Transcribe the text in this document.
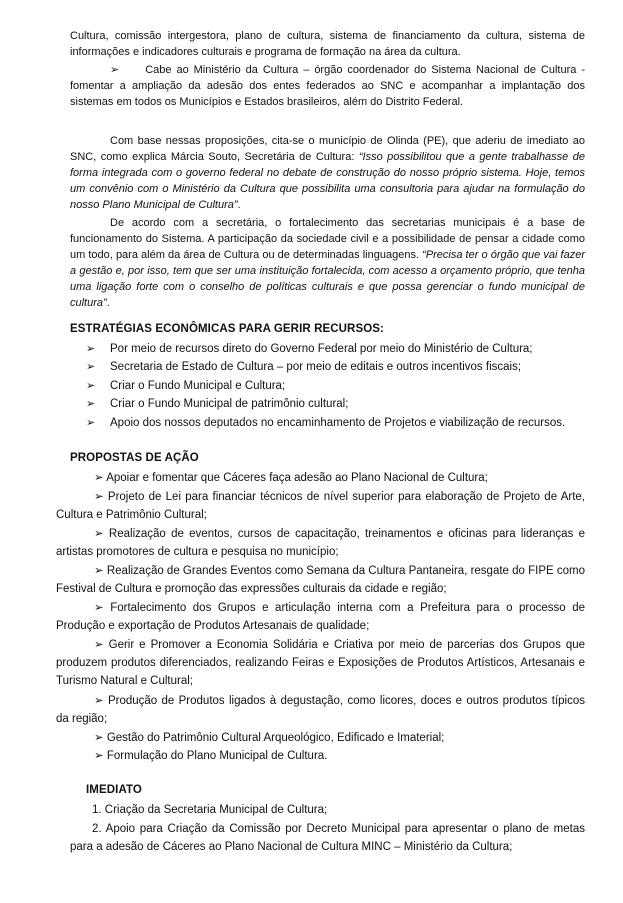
Cultura, comissão intergestora, plano de cultura, sistema de financiamento da cultura, sistema de informações e indicadores culturais e programa de formação na área da cultura.

➢ Cabe ao Ministério da Cultura – órgão coordenador do Sistema Nacional de Cultura - fomentar a ampliação da adesão dos entes federados ao SNC e acompanhar a implantação dos sistemas em todos os Municípios e Estados brasileiros, além do Distrito Federal.

Com base nessas proposições, cita-se o município de Olinda (PE), que aderiu de imediato ao SNC, como explica Márcia Souto, Secretária de Cultura: “Isso possibilitou que a gente trabalhasse de forma integrada com o governo federal no debate de construção do nosso próprio sistema. Hoje, temos um convênio com o Ministério da Cultura que possibilita uma consultoria para ajudar na formulação do nosso Plano Municipal de Cultura”.

De acordo com a secretária, o fortalecimento das secretarias municipais é a base de funcionamento do Sistema. A participação da sociedade civil e a possibilidade de pensar a cidade como um todo, para além da área de Cultura ou de determinadas linguagens. “Precisa ter o órgão que vai fazer a gestão e, por isso, tem que ser uma instituição fortalecida, com acesso a orçamento próprio, que tenha uma ligação forte com o conselho de políticas culturais e que possa gerenciar o fundo municipal de cultura”.

ESTRATÉGIAS ECONÔMICAS PARA GERIR RECURSOS:

➢ Por meio de recursos direto do Governo Federal por meio do Ministério de Cultura;

➢ Secretaria de Estado de Cultura – por meio de editais e outros incentivos fiscais;

➢ Criar o Fundo Municipal e Cultura;

➢ Criar o Fundo Municipal de patrimônio cultural;

➢ Apoio dos nossos deputados no encaminhamento de Projetos e viabilização de recursos.

PROPOSTAS DE AÇÃO

➢ Apoiar e fomentar que Cáceres faça adesão ao Plano Nacional de Cultura;

➢ Projeto de Lei para financiar técnicos de nível superior para elaboração de Projeto de Arte, Cultura e Patrimônio Cultural;

➢ Realização de eventos, cursos de capacitação, treinamentos e oficinas para lideranças e artistas promotores de cultura e pesquisa no município;

➢ Realização de Grandes Eventos como Semana da Cultura Pantaneira, resgate do FIPE como Festival de Cultura e promoção das expressões culturais da cidade e região;

➢ Fortalecimento dos Grupos e articulação interna com a Prefeitura para o processo de Produção e exportação de Produtos Artesanais de qualidade;

➢ Gerir e Promover a Economia Solidária e Criativa por meio de parcerias dos Grupos que produzem produtos diferenciados, realizando Feiras e Exposições de Produtos Artísticos, Artesanais e Turismo Natural e Cultural;

➢ Produção de Produtos ligados à degustação, como licores, doces e outros produtos típicos da região;

➢ Gestão do Patrimônio Cultural Arqueológico, Edificado e Imaterial;

➢ Formulação do Plano Municipal de Cultura.

IMEDIATO

1. Criação da Secretaria Municipal de Cultura;

2. Apoio para Criação da Comissão por Decreto Municipal para apresentar o plano de metas para a adesão de Cáceres ao Plano Nacional de Cultura MINC – Ministério da Cultura;
